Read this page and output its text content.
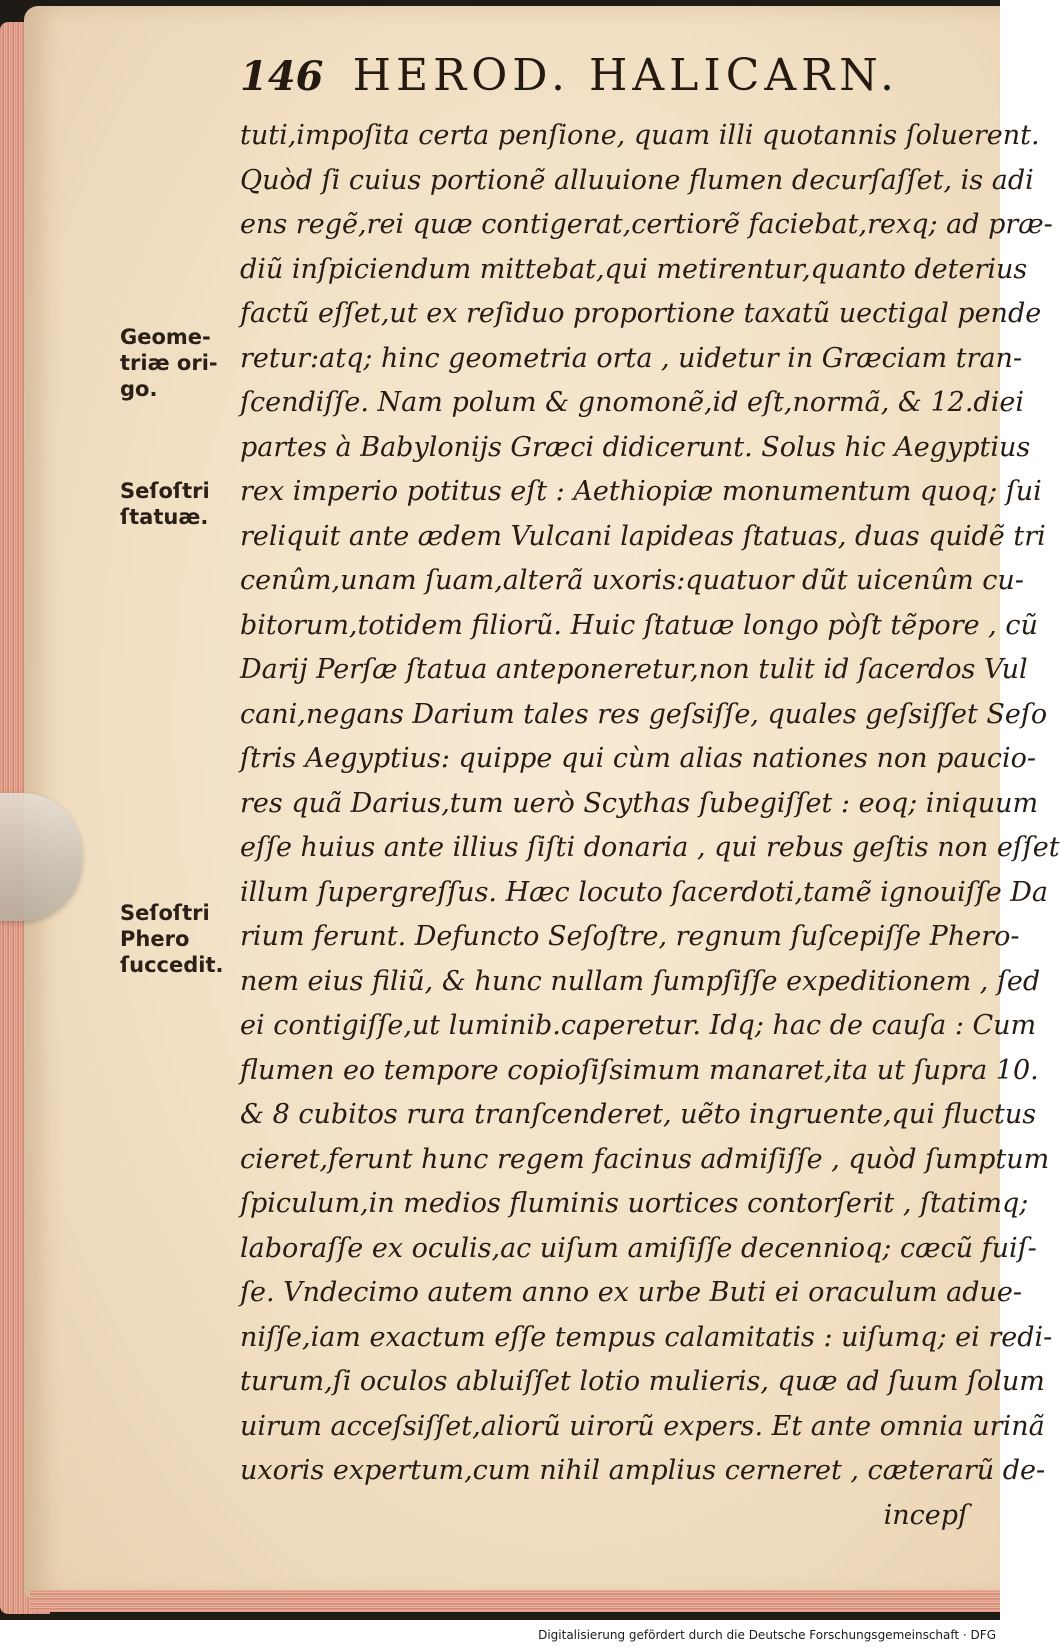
146 HEROD. HALICARN.
tuti,impoſita certa penſione, quam illi quotannis ſoluerent.
Quòd ſi cuius portionẽ alluuione flumen decurſaſſet, is adi
ens regẽ,rei quæ contigerat,certiorẽ faciebat,rexq; ad præ-
diũ inſpiciendum mittebat,qui metirentur,quanto deterius
factũ eſſet,ut ex reſiduo proportione taxatũ uectigal pende
retur:atq; hinc geometria orta , uidetur in Græciam tran-
ſcendiſſe. Nam polum & gnomonẽ,id eſt,normã, & 12.diei
partes à Babylonijs Græci didicerunt. Solus hic Aegyptius
rex imperio potitus eſt : Aethiopiæ monumentum quoq; ſui
reliquit ante ædem Vulcani lapideas ſtatuas, duas quidẽ tri
cenûm,unam ſuam,alterã uxoris:quatuor dũt uicenûm cu-
bitorum,totidem filiorũ. Huic ſtatuæ longo pòſt tẽpore , cũ
Darij Perſæ ſtatua anteponeretur,non tulit id ſacerdos Vul
cani,negans Darium tales res geſsiſſe, quales geſsiſſet Seſo
ſtris Aegyptius: quippe qui cùm alias nationes non paucio-
res quã Darius,tum uerò Scythas ſubegiſſet : eoq; iniquum
eſſe huius ante illius ſiſti donaria , qui rebus geſtis non eſſet
illum ſupergreſſus. Hæc locuto ſacerdoti,tamẽ ignouiſſe Da
rium ferunt. Defuncto Seſoſtre, regnum ſuſcepiſſe Phero-
nem eius filiũ, & hunc nullam ſumpſiſſe expeditionem , ſed
ei contigiſſe,ut luminib.caperetur. Idq; hac de cauſa : Cum
flumen eo tempore copioſiſsimum manaret,ita ut ſupra 10.
& 8 cubitos rura tranſcenderet, uẽto ingruente,qui fluctus
cieret,ferunt hunc regem facinus admiſiſſe , quòd ſumptum
ſpiculum,in medios fluminis uortices contorſerit , ſtatimq;
laboraſſe ex oculis,ac uiſum amiſiſſe decennioq; cæcũ fuiſ-
ſe. Vndecimo autem anno ex urbe Buti ei oraculum adue-
niſſe,iam exactum eſſe tempus calamitatis : uiſumq; ei redi-
turum,ſi oculos abluiſſet lotio mulieris, quæ ad ſuum ſolum
uirum acceſsiſſet,aliorũ uirorũ expers. Et ante omnia urinã
uxoris expertum,cum nihil amplius cerneret , cæterarũ de-
incepſ
Geome-
triæ ori-
go.
Seſoſtri
ſtatuæ.
Seſoſtri
Phero
ſuccedit.
Digitalisierung gefördert durch die Deutsche Forschungsgemeinschaft · DFG
